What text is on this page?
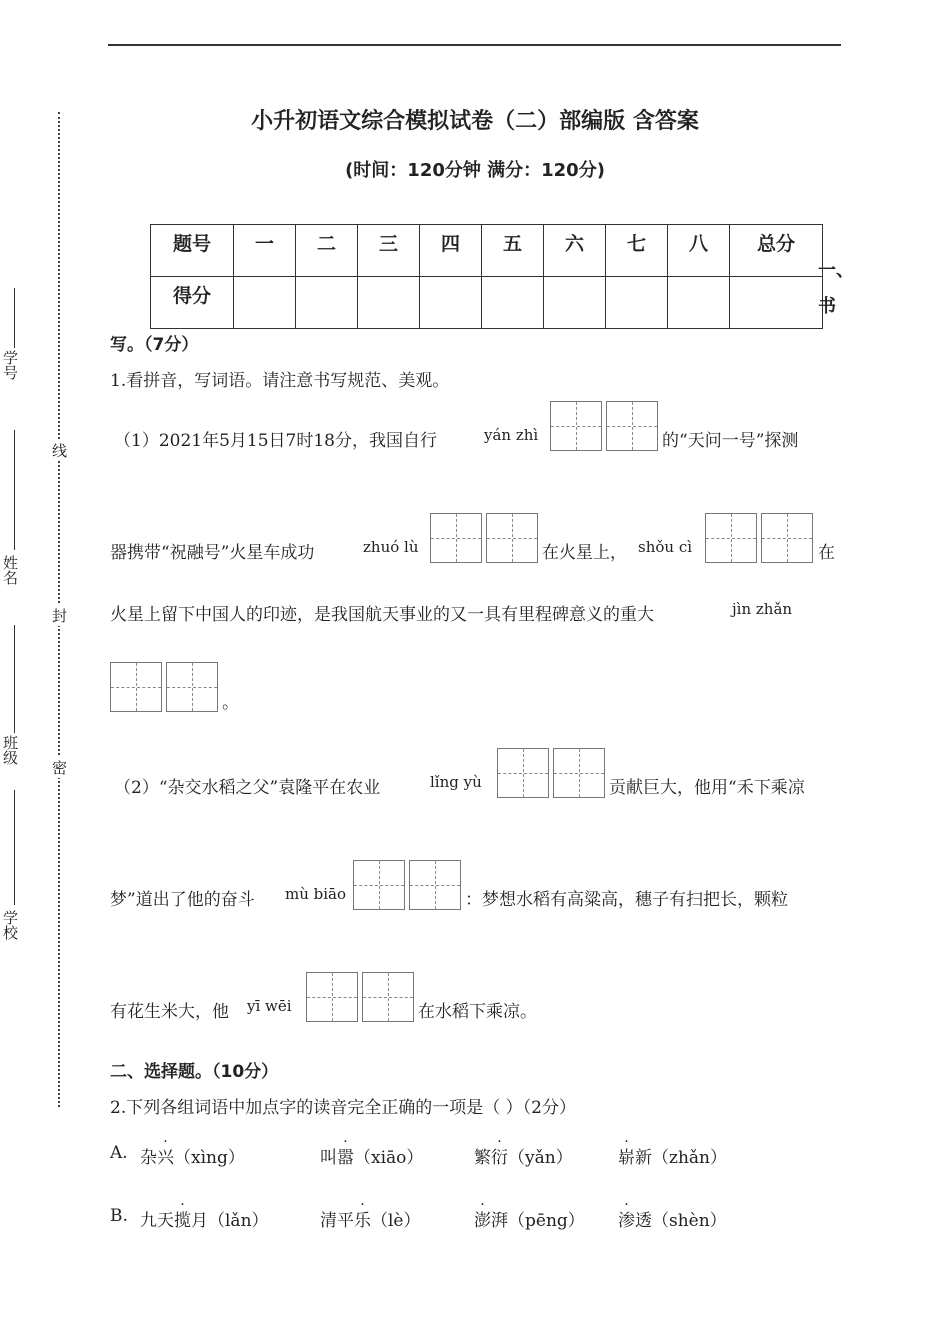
线
封
密
学号
姓名
班级
学校
小升初语文综合模拟试卷（二）部编版 含答案
(时间：120分钟 满分：120分)
题号	一	二	三	四	五	六	七	八	总分
得分									
一、
书
写。（7分）
1.看拼音，写词语。请注意书写规范、美观。
（1）2021年5月15日7时18分，我国自行	yán zhì	的“天问一号”探测
器携带“祝融号”火星车成功	zhuó lù	在火星上， shǒu cì	在
火星上留下中国人的印迹，是我国航天事业的又一具有里程碑意义的重大	jìn zhǎn
。
（2）“杂交水稻之父”袁隆平在农业	lǐng yù	贡献巨大，他用“禾下乘凉
梦”道出了他的奋斗 mù biāo	：梦想水稻有高粱高，穗子有扫把长，颗粒
有花生米大，他 yī wēi	在水稻下乘凉。
二、选择题。（10分）
2.下列各组词语中加点字的读音完全正确的一项是（ ）（2分）
A. 杂兴（xìng）	叫嚣（xiāo）	繁衍（yǎn）	崭新（zhǎn）
B. 九天揽月（lǎn）	清平乐（lè）	澎湃（pēng） 渗透（shèn）
